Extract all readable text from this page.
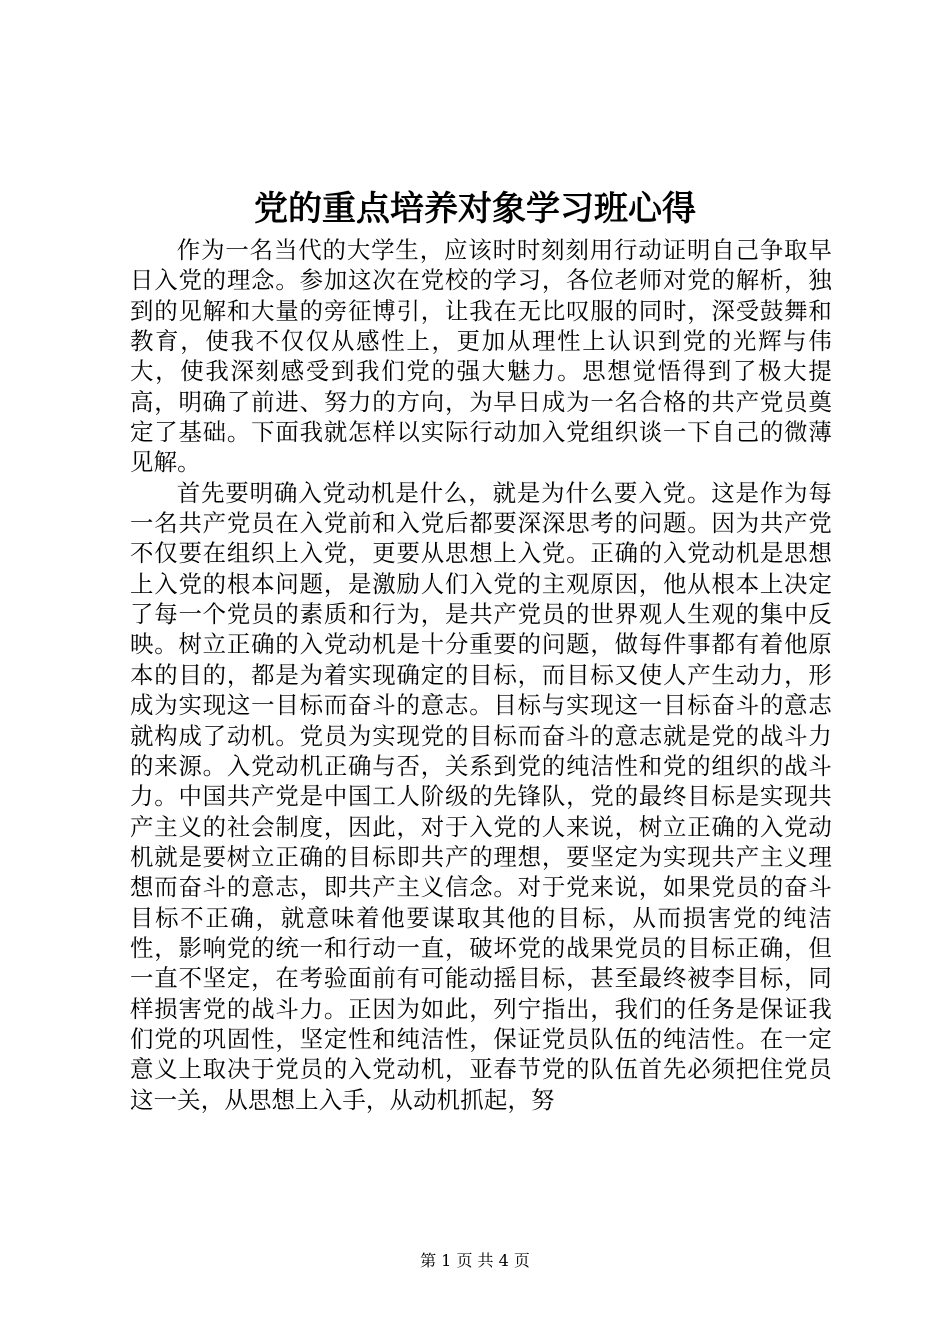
党的重点培养对象学习班心得

作为一名当代的大学生，应该时时刻刻用行动证明自己争取早日入党的理念。参加这次在党校的学习，各位老师对党的解析，独到的见解和大量的旁征博引，让我在无比叹服的同时，深受鼓舞和教育，使我不仅仅从感性上，更加从理性上认识到党的光辉与伟大，使我深刻感受到我们党的强大魅力。思想觉悟得到了极大提高，明确了前进、努力的方向，为早日成为一名合格的共产党员奠定了基础。下面我就怎样以实际行动加入党组织谈一下自己的微薄见解。

首先要明确入党动机是什么，就是为什么要入党。这是作为每一名共产党员在入党前和入党后都要深深思考的问题。因为共产党不仅要在组织上入党，更要从思想上入党。正确的入党动机是思想上入党的根本问题，是激励人们入党的主观原因，他从根本上决定了每一个党员的素质和行为，是共产党员的世界观人生观的集中反映。树立正确的入党动机是十分重要的问题，做每件事都有着他原本的目的，都是为着实现确定的目标，而目标又使人产生动力，形成为实现这一目标而奋斗的意志。目标与实现这一目标奋斗的意志就构成了动机。党员为实现党的目标而奋斗的意志就是党的战斗力的来源。入党动机正确与否，关系到党的纯洁性和党的组织的战斗力。中国共产党是中国工人阶级的先锋队，党的最终目标是实现共产主义的社会制度，因此，对于入党的人来说，树立正确的入党动机就是要树立正确的目标即共产的理想，要坚定为实现共产主义理想而奋斗的意志，即共产主义信念。对于党来说，如果党员的奋斗目标不正确，就意味着他要谋取其他的目标，从而损害党的纯洁性，影响党的统一和行动一直，破坏党的战果党员的目标正确，但一直不坚定，在考验面前有可能动摇目标，甚至最终被李目标，同样损害党的战斗力。正因为如此，列宁指出，我们的任务是保证我们党的巩固性，坚定性和纯洁性，保证党员队伍的纯洁性。在一定意义上取决于党员的入党动机，亚春节党的队伍首先必须把住党员这一关，从思想上入手，从动机抓起，努

第 1 页 共 4 页
